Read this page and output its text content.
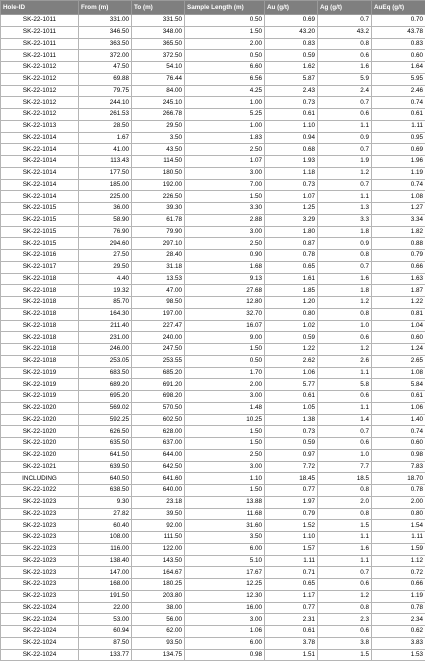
Hole-ID	From (m)	To (m)	Sample Length (m)	Au (g/t)	Ag (g/t)	AuEq (g/t)
SK-22-1011	331.00	331.50	0.50	0.69	0.7	0.70
SK-22-1011	346.50	348.00	1.50	43.20	43.2	43.78
SK-22-1011	363.50	365.50	2.00	0.83	0.8	0.83
SK-22-1011	372.00	372.50	0.50	0.59	0.6	0.60
SK-22-1012	47.50	54.10	6.60	1.62	1.6	1.64
SK-22-1012	69.88	76.44	6.56	5.87	5.9	5.95
SK-22-1012	79.75	84.00	4.25	2.43	2.4	2.46
SK-22-1012	244.10	245.10	1.00	0.73	0.7	0.74
SK-22-1012	261.53	266.78	5.25	0.61	0.6	0.61
SK-22-1013	28.50	29.50	1.00	1.10	1.1	1.11
SK-22-1014	1.67	3.50	1.83	0.94	0.9	0.95
SK-22-1014	41.00	43.50	2.50	0.68	0.7	0.69
SK-22-1014	113.43	114.50	1.07	1.93	1.9	1.96
SK-22-1014	177.50	180.50	3.00	1.18	1.2	1.19
SK-22-1014	185.00	192.00	7.00	0.73	0.7	0.74
SK-22-1014	225.00	226.50	1.50	1.07	1.1	1.08
SK-22-1015	36.00	39.30	3.30	1.25	1.3	1.27
SK-22-1015	58.90	61.78	2.88	3.29	3.3	3.34
SK-22-1015	76.90	79.90	3.00	1.80	1.8	1.82
SK-22-1015	294.60	297.10	2.50	0.87	0.9	0.88
SK-22-1016	27.50	28.40	0.90	0.78	0.8	0.79
SK-22-1017	29.50	31.18	1.68	0.65	0.7	0.66
SK-22-1018	4.40	13.53	9.13	1.61	1.6	1.63
SK-22-1018	19.32	47.00	27.68	1.85	1.8	1.87
SK-22-1018	85.70	98.50	12.80	1.20	1.2	1.22
SK-22-1018	164.30	197.00	32.70	0.80	0.8	0.81
SK-22-1018	211.40	227.47	16.07	1.02	1.0	1.04
SK-22-1018	231.00	240.00	9.00	0.59	0.6	0.60
SK-22-1018	246.00	247.50	1.50	1.22	1.2	1.24
SK-22-1018	253.05	253.55	0.50	2.62	2.6	2.65
SK-22-1019	683.50	685.20	1.70	1.06	1.1	1.08
SK-22-1019	689.20	691.20	2.00	5.77	5.8	5.84
SK-22-1019	695.20	698.20	3.00	0.61	0.6	0.61
SK-22-1020	569.02	570.50	1.48	1.05	1.1	1.06
SK-22-1020	592.25	602.50	10.25	1.38	1.4	1.40
SK-22-1020	626.50	628.00	1.50	0.73	0.7	0.74
SK-22-1020	635.50	637.00	1.50	0.59	0.6	0.60
SK-22-1020	641.50	644.00	2.50	0.97	1.0	0.98
SK-22-1021	639.50	642.50	3.00	7.72	7.7	7.83
INCLUDING	640.50	641.60	1.10	18.45	18.5	18.70
SK-22-1022	638.50	640.00	1.50	0.77	0.8	0.78
SK-22-1023	9.30	23.18	13.88	1.97	2.0	2.00
SK-22-1023	27.82	39.50	11.68	0.79	0.8	0.80
SK-22-1023	60.40	92.00	31.60	1.52	1.5	1.54
SK-22-1023	108.00	111.50	3.50	1.10	1.1	1.11
SK-22-1023	116.00	122.00	6.00	1.57	1.6	1.59
SK-22-1023	138.40	143.50	5.10	1.11	1.1	1.12
SK-22-1023	147.00	164.67	17.67	0.71	0.7	0.72
SK-22-1023	168.00	180.25	12.25	0.65	0.6	0.66
SK-22-1023	191.50	203.80	12.30	1.17	1.2	1.19
SK-22-1024	22.00	38.00	16.00	0.77	0.8	0.78
SK-22-1024	53.00	56.00	3.00	2.31	2.3	2.34
SK-22-1024	60.94	62.00	1.06	0.61	0.6	0.62
SK-22-1024	87.50	93.50	6.00	3.78	3.8	3.83
SK-22-1024	133.77	134.75	0.98	1.51	1.5	1.53
